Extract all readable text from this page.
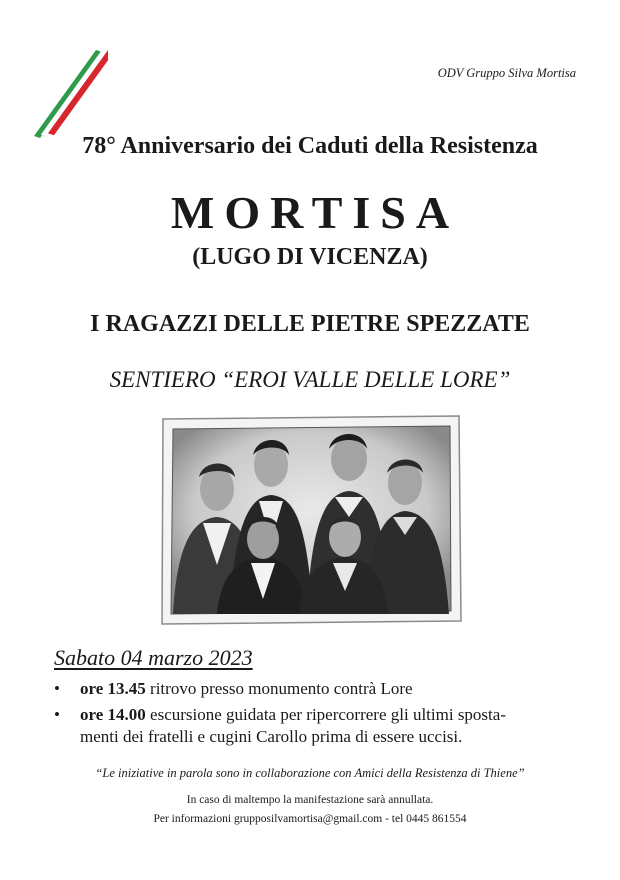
ODV Gruppo Silva Mortisa
78° Anniversario dei Caduti della Resistenza
MORTISA
(LUGO DI VICENZA)
I RAGAZZI DELLE PIETRE SPEZZATE
SENTIERO “EROI VALLE DELLE LORE”
Sabato 04 marzo 2023
• ore 13.45 ritrovo presso monumento contrà Lore
• ore 14.00 escursione guidata per ripercorrere gli ultimi sposta-
menti dei fratelli e cugini Carollo prima di essere uccisi.
“Le iniziative in parola sono in collaborazione con Amici della Resistenza di Thiene”
In caso di maltempo la manifestazione sarà annullata.
Per informazioni grupposilvamortisa@gmail.com - tel 0445 861554
